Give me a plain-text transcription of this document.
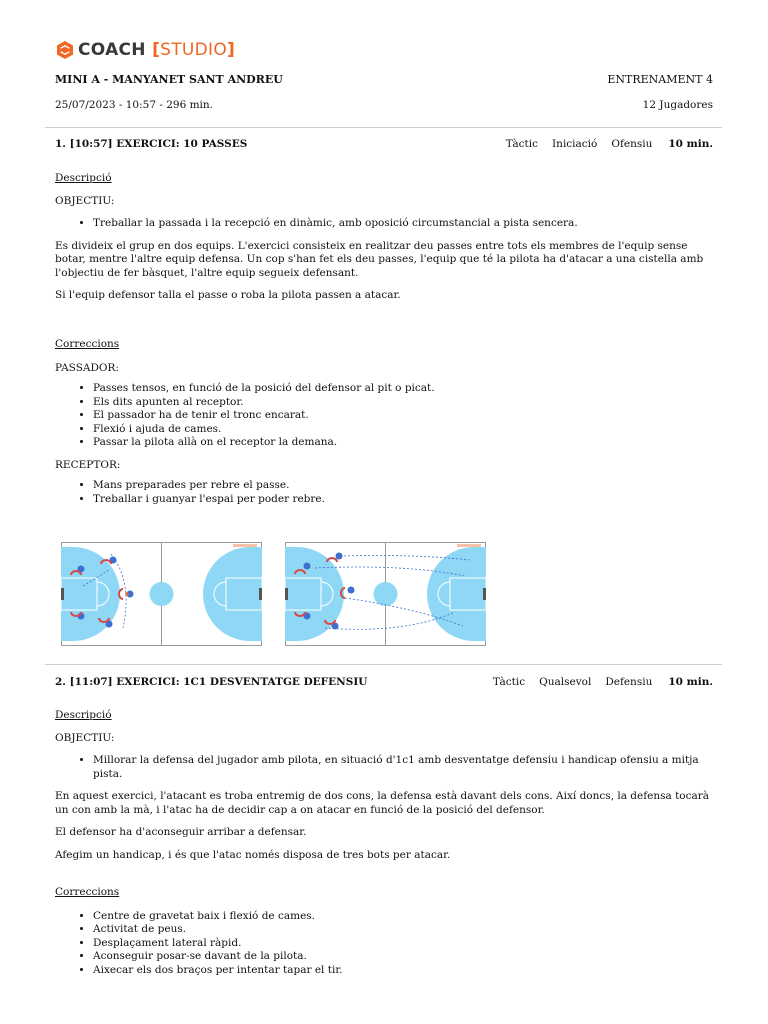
COACH [STUDIO]
MINI A - MANYANET SANT ANDREU	ENTRENAMENT 4
25/07/2023 - 10:57 - 296 min.	12 Jugadores
1. [10:57] EXERCICI: 10 PASSES	Tàctic Iniciació Ofensiu 10 min.

Descripció

OBJECTIU:

• Treballar la passada i la recepció en dinàmic, amb oposició circumstancial a pista sencera.

Es divideix el grup en dos equips. L'exercici consisteix en realitzar deu passes entre tots els membres de l'equip sense botar, mentre l'altre equip defensa. Un cop s'han fet els deu passes, l'equip que té la pilota ha d'atacar a una cistella amb l'objectiu de fer bàsquet, l'altre equip segueix defensant.

Si l'equip defensor talla el passe o roba la pilota passen a atacar.

Correccions

PASSADOR:

• Passes tensos, en funció de la posició del defensor al pit o picat.
• Els dits apunten al receptor.
• El passador ha de tenir el tronc encarat.
• Flexió i ajuda de cames.
• Passar la pilota allà on el receptor la demana.

RECEPTOR:

• Mans preparades per rebre el passe.
• Treballar i guanyar l'espai per poder rebre.
2. [11:07] EXERCICI: 1C1 DESVENTATGE DEFENSIU	Tàctic Qualsevol Defensiu 10 min.

Descripció

OBJECTIU:

• Millorar la defensa del jugador amb pilota, en situació d'1c1 amb desventatge defensiu i handicap ofensiu a mitja pista.

En aquest exercici, l'atacant es troba entremig de dos cons, la defensa està davant dels cons. Així doncs, la defensa tocarà un con amb la mà, i l'atac ha de decidir cap a on atacar en funció de la posició del defensor.

El defensor ha d'aconseguir arribar a defensar.

Afegim un handicap, i és que l'atac només disposa de tres bots per atacar.

Correccions

• Centre de gravetat baix i flexió de cames.
• Activitat de peus.
• Desplaçament lateral ràpid.
• Aconseguir posar-se davant de la pilota.
• Aixecar els dos braços per intentar tapar el tir.
